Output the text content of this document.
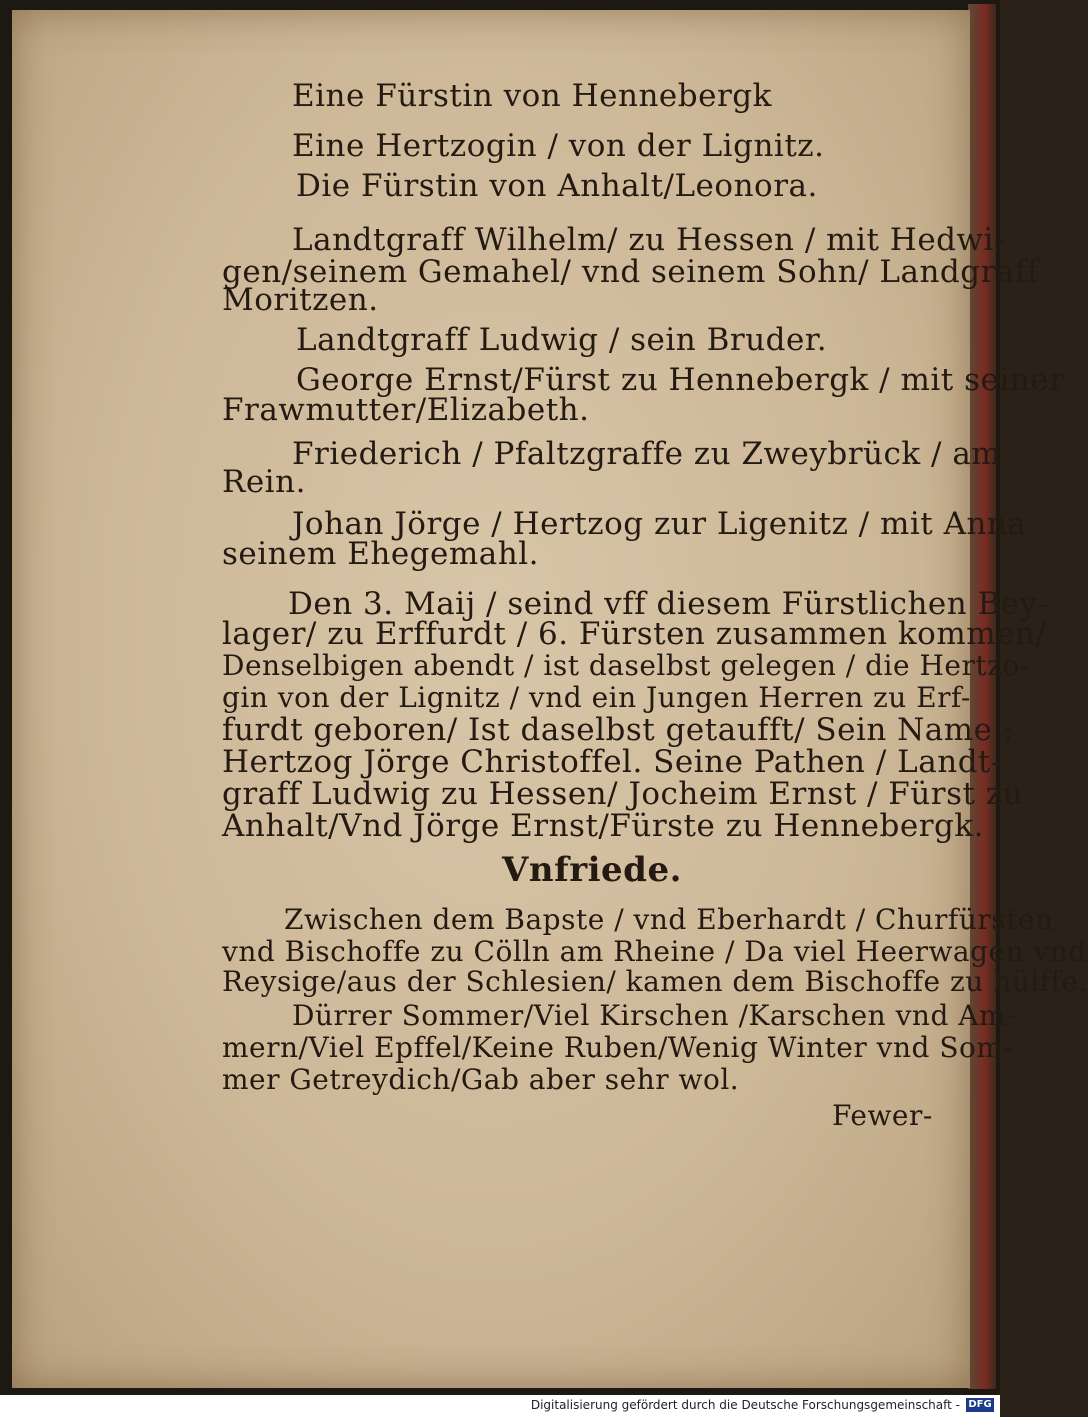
Eine Fürstin von Hennebergk
Eine Hertzogin / von der Lignitz.
Die Fürstin von Anhalt/Leonora.
Landtgraff Wilhelm/ zu Hessen / mit Hedwi-
gen/seinem Gemahel/ vnd seinem Sohn/ Landgraff
Moritzen.
Landtgraff Ludwig / sein Bruder.
George Ernst/Fürst zu Hennebergk / mit seiner
Frawmutter/Elizabeth.
Friederich / Pfaltzgraffe zu Zweybrück / am
Rein.
Johan Jörge / Hertzog zur Ligenitz / mit Anna
seinem Ehegemahl.
Den 3. Maij / seind vff diesem Fürstlichen Bey-
lager/ zu Erffurdt / 6. Fürsten zusammen kommen/
Denselbigen abendt / ist daselbst gelegen / die Hertzo-
gin von der Lignitz / vnd ein Jungen Herren zu Erf-
furdt geboren/ Ist daselbst getaufft/ Sein Name :
Hertzog Jörge Christoffel. Seine Pathen / Landt-
graff Ludwig zu Hessen/ Jocheim Ernst / Fürst zu
Anhalt/Vnd Jörge Ernst/Fürste zu Hennebergk.
Vnfriede.
Zwischen dem Bapste / vnd Eberhardt / Churfürsten
vnd Bischoffe zu Cölln am Rheine / Da viel Heerwagen vnd
Reysige/aus der Schlesien/ kamen dem Bischoffe zu hülffe.
Dürrer Sommer/Viel Kirschen /Karschen vnd Am-
mern/Viel Epffel/Keine Ruben/Wenig Winter vnd Som-
mer Getreydich/Gab aber sehr wol.
Fewer-
Digitalisierung gefördert durch die Deutsche Forschungsgemeinschaft - DFG
